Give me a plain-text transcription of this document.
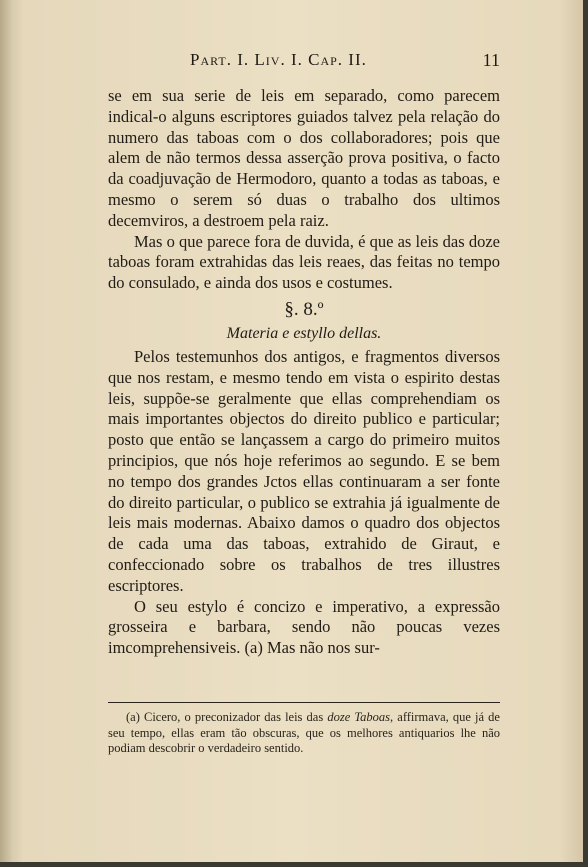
Part. I. Liv. I. Cap. II.	11

se em sua serie de leis em separado, como parecem indical-o alguns escriptores guiados talvez pela relação do numero das taboas com o dos collaboradores; pois que alem de não termos dessa asserção prova positiva, o facto da coadjuvação de Hermodoro, quanto a todas as taboas, e mesmo o serem só duas o trabalho dos ultimos decemviros, a destroem pela raiz.

Mas o que parece fora de duvida, é que as leis das doze taboas foram extrahidas das leis reaes, das feitas no tempo do consulado, e ainda dos usos e costumes.

§. 8.º
Materia e estyllo dellas.

Pelos testemunhos dos antigos, e fragmentos diversos que nos restam, e mesmo tendo em vista o espirito destas leis, suppõe-se geralmente que ellas comprehendiam os mais importantes objectos do direito publico e particular; posto que então se lançassem a cargo do primeiro muitos principios, que nós hoje referimos ao segundo. E se bem no tempo dos grandes Jctos ellas continuaram a ser fonte do direito particular, o publico se extrahia já igualmente de leis mais modernas. Abaixo damos o quadro dos objectos de cada uma das taboas, extrahido de Giraut, e confeccionado sobre os trabalhos de tres illustres escriptores.

O seu estylo é concizo e imperativo, a expressão grosseira e barbara, sendo não poucas vezes imcomprehensiveis. (a) Mas não nos sur-

(a) Cicero, o preconizador das leis das doze Taboas, affirmava, que já de seu tempo, ellas eram tão obscuras, que os melhores antiquarios lhe não podiam descobrir o verdadeiro sentido.
